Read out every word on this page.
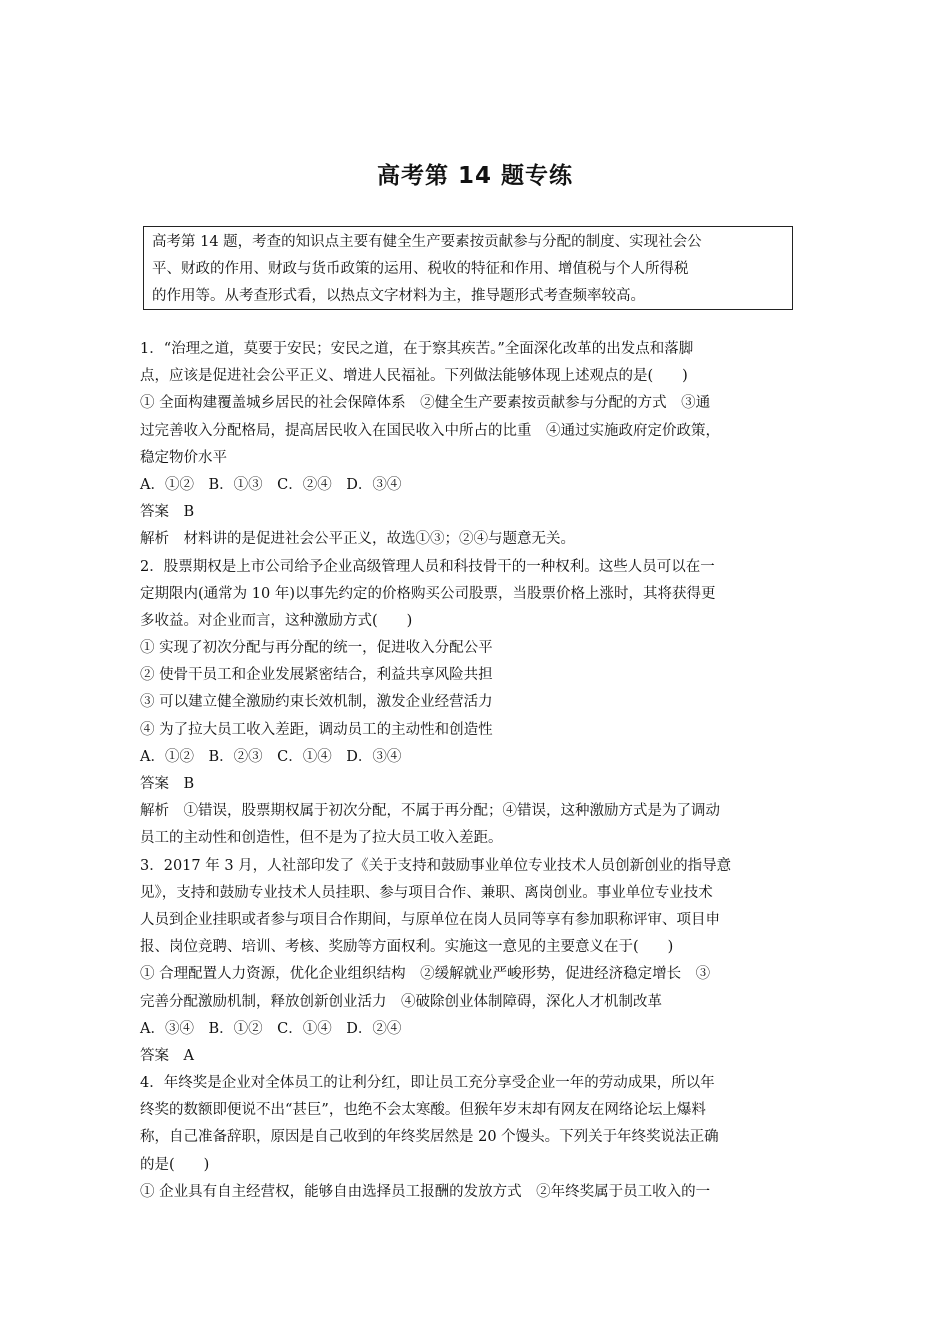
高考第 14 题专练
高考第 14 题，考查的知识点主要有健全生产要素按贡献参与分配的制度、实现社会公
平、财政的作用、财政与货币政策的运用、税收的特征和作用、增值税与个人所得税
的作用等。从考查形式看，以热点文字材料为主，推导题形式考查频率较高。
1．“治理之道，莫要于安民；安民之道，在于察其疾苦。”全面深化改革的出发点和落脚
点，应该是促进社会公平正义、增进人民福祉。下列做法能够体现上述观点的是(　　)
① 全面构建覆盖城乡居民的社会保障体系　②健全生产要素按贡献参与分配的方式　③通
过完善收入分配格局，提高居民收入在国民收入中所占的比重　④通过实施政府定价政策，
稳定物价水平
A．①②　B．①③　C．②④　D．③④
答案　B
解析　材料讲的是促进社会公平正义，故选①③；②④与题意无关。
2．股票期权是上市公司给予企业高级管理人员和科技骨干的一种权利。这些人员可以在一
定期限内(通常为 10 年)以事先约定的价格购买公司股票，当股票价格上涨时，其将获得更
多收益。对企业而言，这种激励方式(　　)
① 实现了初次分配与再分配的统一，促进收入分配公平
② 使骨干员工和企业发展紧密结合，利益共享风险共担
③ 可以建立健全激励约束长效机制，激发企业经营活力
④ 为了拉大员工收入差距，调动员工的主动性和创造性
A．①②　B．②③　C．①④　D．③④
答案　B
解析　①错误，股票期权属于初次分配，不属于再分配；④错误，这种激励方式是为了调动
员工的主动性和创造性，但不是为了拉大员工收入差距。
3．2017 年 3 月，人社部印发了《关于支持和鼓励事业单位专业技术人员创新创业的指导意
见》，支持和鼓励专业技术人员挂职、参与项目合作、兼职、离岗创业。事业单位专业技术
人员到企业挂职或者参与项目合作期间，与原单位在岗人员同等享有参加职称评审、项目申
报、岗位竞聘、培训、考核、奖励等方面权利。实施这一意见的主要意义在于(　　)
① 合理配置人力资源，优化企业组织结构　②缓解就业严峻形势，促进经济稳定增长　③
完善分配激励机制，释放创新创业活力　④破除创业体制障碍，深化人才机制改革
A．③④　B．①②　C．①④　D．②④
答案　A
4．年终奖是企业对全体员工的让利分红，即让员工充分享受企业一年的劳动成果，所以年
终奖的数额即便说不出“甚巨”，也绝不会太寒酸。但猴年岁末却有网友在网络论坛上爆料
称，自己准备辞职，原因是自己收到的年终奖居然是 20 个馒头。下列关于年终奖说法正确
的是(　　)
① 企业具有自主经营权，能够自由选择员工报酬的发放方式　②年终奖属于员工收入的一
